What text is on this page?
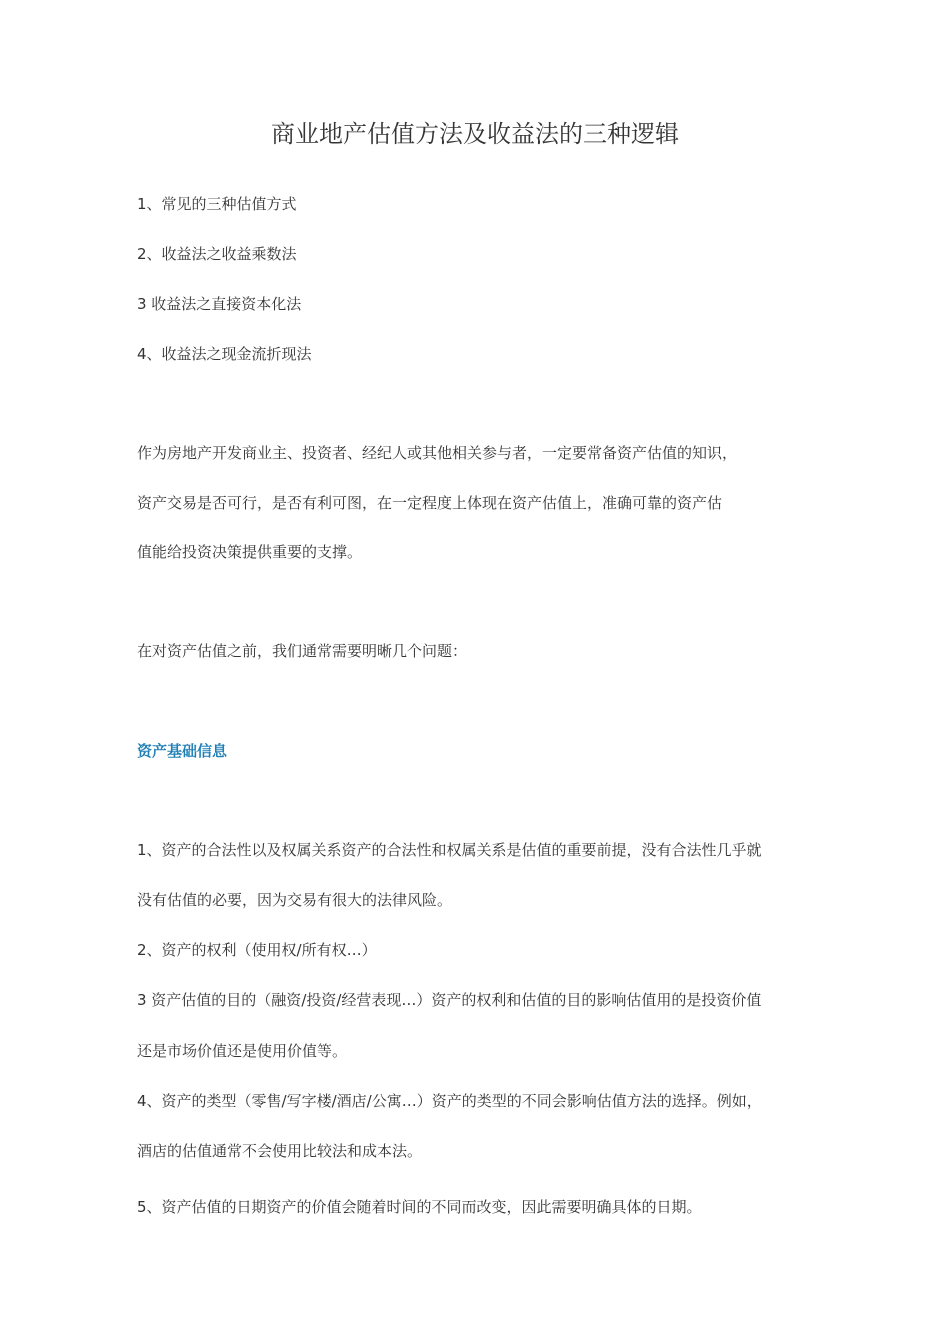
商业地产估值方法及收益法的三种逻辑

1、常见的三种估值方式

2、收益法之收益乘数法

3 收益法之直接资本化法

4、收益法之现金流折现法

作为房地产开发商业主、投资者、经纪人或其他相关参与者，一定要常备资产估值的知识，

资产交易是否可行，是否有利可图，在一定程度上体现在资产估值上，准确可靠的资产估

值能给投资决策提供重要的支撑。

在对资产估值之前，我们通常需要明晰几个问题：

资产基础信息

1、资产的合法性以及权属关系资产的合法性和权属关系是估值的重要前提，没有合法性几乎就

没有估值的必要，因为交易有很大的法律风险。

2、资产的权利（使用权/所有权…）

3 资产估值的目的（融资/投资/经营表现…）资产的权利和估值的目的影响估值用的是投资价值

还是市场价值还是使用价值等。

4、资产的类型（零售/写字楼/酒店/公寓…）资产的类型的不同会影响估值方法的选择。例如，

酒店的估值通常不会使用比较法和成本法。

5、资产估值的日期资产的价值会随着时间的不同而改变，因此需要明确具体的日期。
